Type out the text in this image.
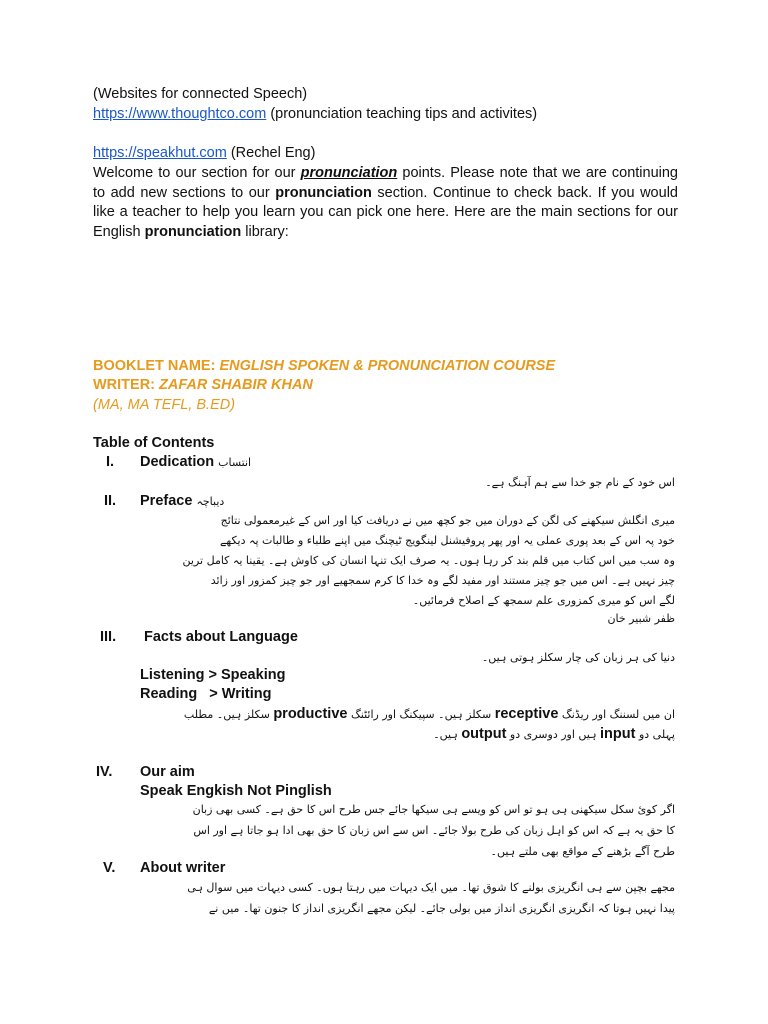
(Websites for connected Speech)
https://www.thoughtco.com (pronunciation teaching tips and activites)
https://speakhut.com (Rechel Eng)
Welcome to our section for our pronunciation points. Please note that we are continuing to add new sections to our pronunciation section. Continue to check back. If you would like a teacher to help you learn you can pick one here. Here are the main sections for our English pronunciation library:
BOOKLET NAME: ENGLISH SPOKEN & PRONUNCIATION COURSE
WRITER: ZAFAR SHABIR KHAN
(MA, MA TEFL, B.ED)
Table of Contents
I. Dedication انتساب
اس خود کے نام جو خدا سے ہم آہنگ ہے۔
II. Preface دیباچہ
میری انگلش سیکھنے کی لگن کے دوران میں جو کچھ میں نے دریافت کیا اور اس کے غیرمعمولی نتائج
خود پہ اس کے بعد پوری عملی یہ اور پھر پروفیشنل لینگویج ٹیچنگ میں اپنے طلباء و طالبات پہ دیکھے
وہ سب میں اس کتاب میں قلم بند کر رہا ہوں۔ یہ صرف ایک تنہا انسان کی کاوش ہے۔ یقینا یہ کامل ترین
چیز نہیں ہے۔ اس میں جو چیز مستند اور مفید لگے وہ خدا کا کرم سمجھیے اور جو چیز کمزور اور زائد
لگے اس کو میری کمزوری علم سمجھ کے اصلاح فرمائیں۔
ظفر شبیر خان
III. Facts about Language
دنیا کی ہر زبان کی چار سکلز ہوتی ہیں۔
Listening > Speaking
Reading   > Writing
ان میں لسننگ اور ریڈنگ receptive سکلز ہیں۔ سپیکنگ اور رائٹنگ productive سکلز ہیں۔ مطلب
پہلی دو input ہیں اور دوسری دو output ہیں۔
IV. Our aim
Speak Engkish Not Pinglish
اگر کوئ سکل سیکھنی ہی ہو تو اس کو ویسے ہی سیکھا جائے جس طرح اس کا حق ہے۔ کسی بھی زبان
کا حق یہ ہے کہ اس کو اہل زبان کی طرح بولا جائے۔ اس سے اس زبان کا حق بھی ادا ہو جاتا ہے اور اس
طرح آگے بڑھنے کے مواقع بھی ملتے ہیں۔
V. About writer
مجھے بچپن سے ہی انگریزی بولنے کا شوق تھا۔ میں ایک دیہات میں رہتا ہوں۔ کسی دیہات میں سوال ہی
پیدا نہیں ہوتا کہ انگریزی انگریزی انداز میں بولی جائے۔ لیکن مجھے انگریزی انداز کا جنون تھا۔ میں نے
